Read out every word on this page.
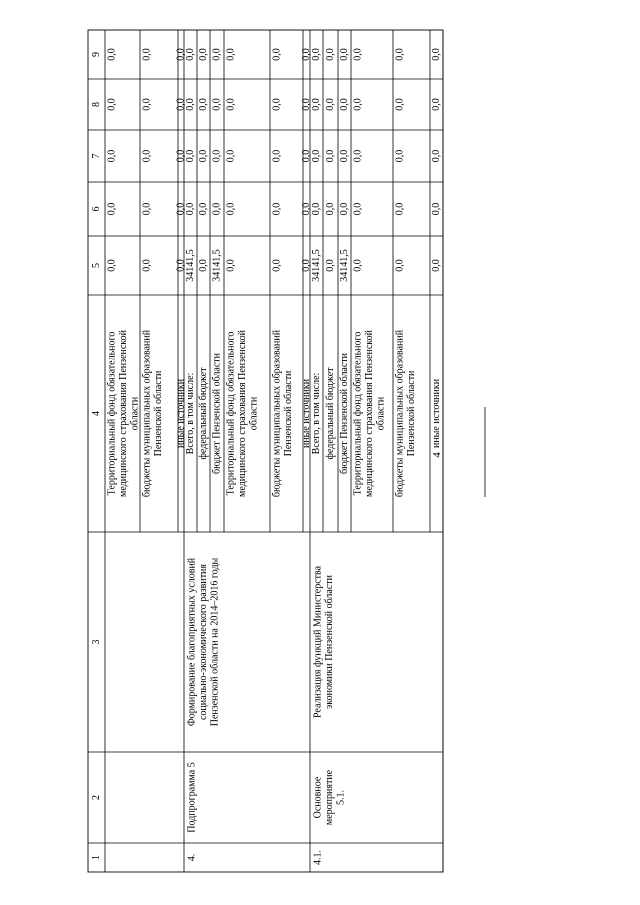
4
1
2
3
4
5
6
7
8
9
Территориальный фонд обязательного медицинского страхования Пензенской области
0,0
0,0
0,0
0,0
0,0
бюджеты муниципальных образований Пензенской области
0,0
0,0
0,0
0,0
0,0
иные источники
0,0
0,0
0,0
0,0
0,0
4.
Подпрограмма 5
Формирование благоприятных условий социально-экономического развития Пензенской области на 2014–2016 годы
Всего, в том числе:
34141,5
0,0
0,0
0,0
0,0
федеральный бюджет
0,0
0,0
0,0
0,0
0,0
бюджет Пензенской области
34141,5
0,0
0,0
0,0
0,0
Территориальный фонд обязательного медицинского страхования Пензенской области
0,0
0,0
0,0
0,0
0,0
бюджеты муниципальных образований Пензенской области
0,0
0,0
0,0
0,0
0,0
иные источники
0,0
0,0
0,0
0,0
0,0
4.1.
Основное мероприятие 5.1.
Реализация функций Министерства экономики Пензенской области
Всего, в том числе:
34141,5
0,0
0,0
0,0
0,0
федеральный бюджет
0,0
0,0
0,0
0,0
0,0
бюджет Пензенской области
34141,5
0,0
0,0
0,0
0,0
Территориальный фонд обязательного медицинского страхования Пензенской области
0,0
0,0
0,0
0,0
0,0
бюджеты муниципальных образований Пензенской области
0,0
0,0
0,0
0,0
0,0
иные источники
0,0
0,0
0,0
0,0
0,0
